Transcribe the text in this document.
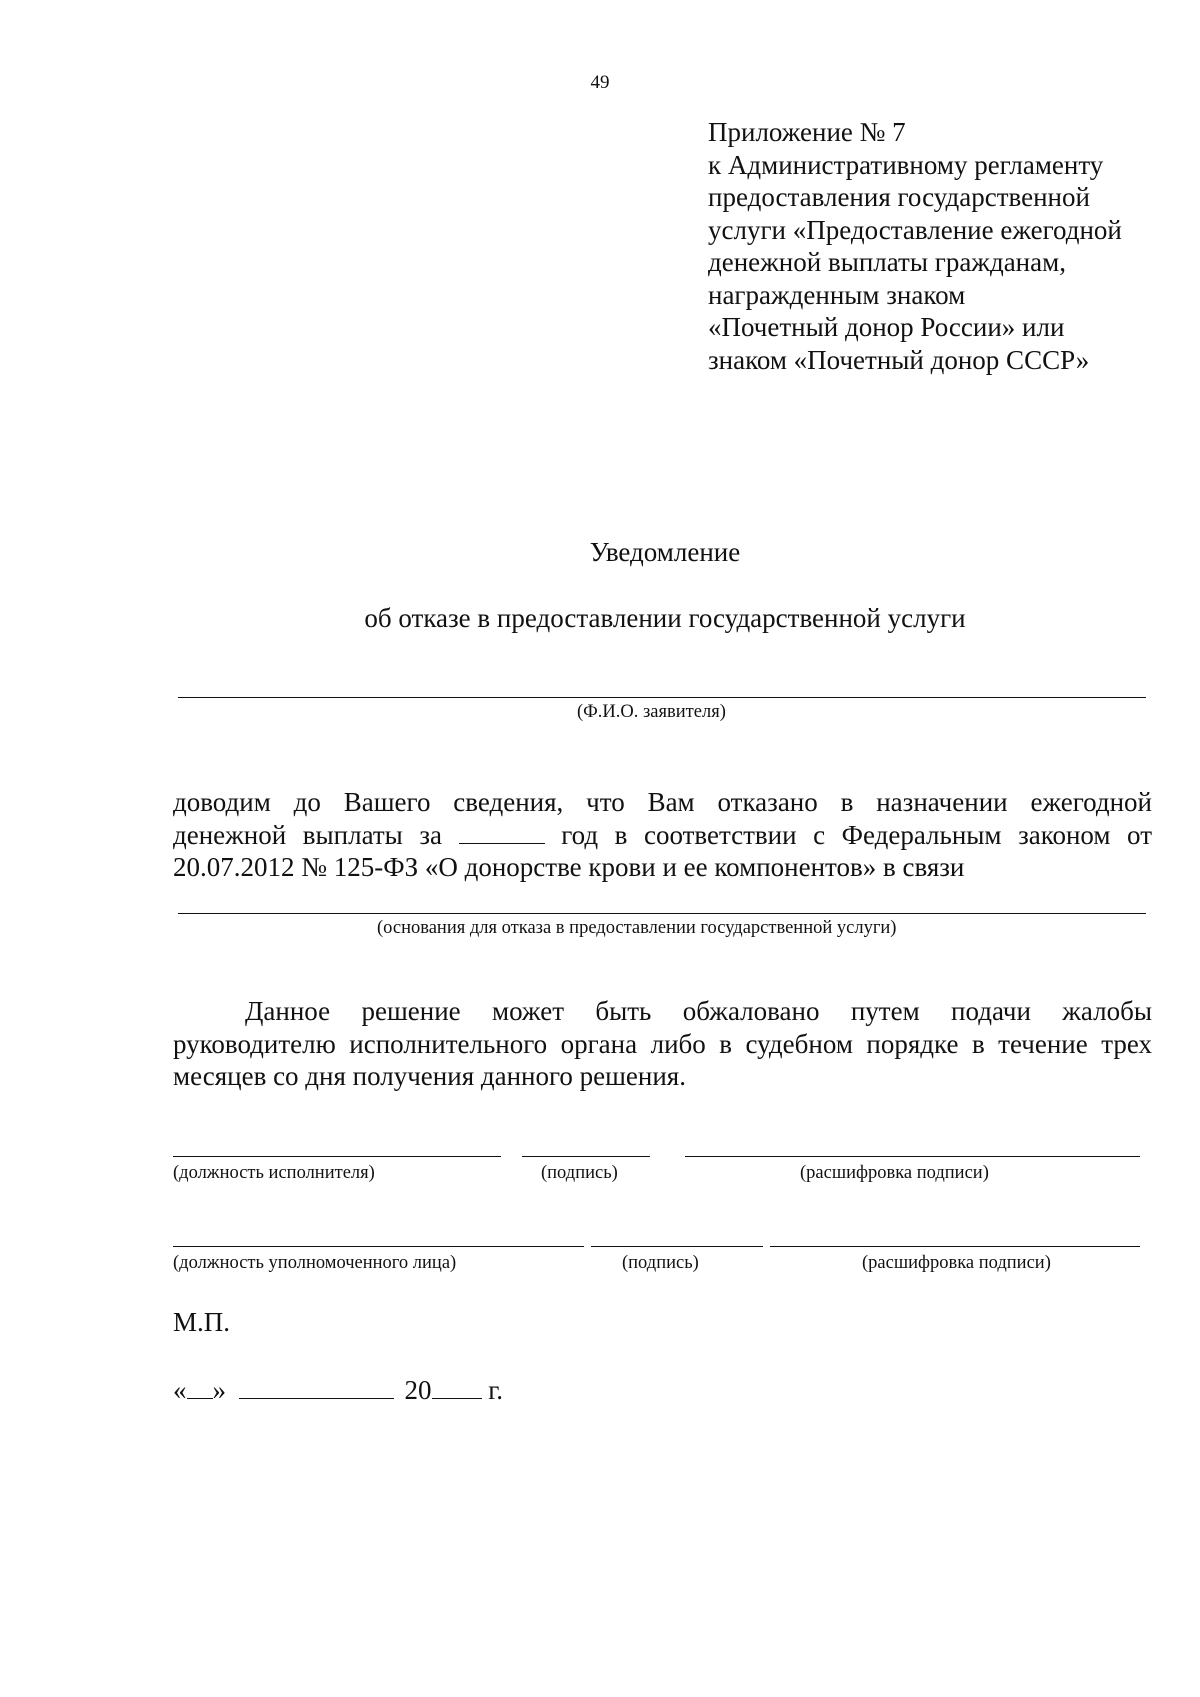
49
Приложение № 7
к Административному регламенту
предоставления государственной
услуги «Предоставление ежегодной
денежной выплаты гражданам,
награжденным знаком
«Почетный донор России» или
знаком «Почетный донор СССР»
Уведомление
об отказе в предоставлении государственной услуги
(Ф.И.О. заявителя)
доводим до Вашего сведения, что Вам отказано в назначении ежегодной
денежной выплаты за	год в соответствии с Федеральным законом от
20.07.2012 № 125-ФЗ «О донорстве крови и ее компонентов» в связи
(основания для отказа в предоставлении государственной услуги)
Данное решение может быть обжаловано путем подачи жалобы
руководителю исполнительного органа либо в судебном порядке в течение трех
месяцев со дня получения данного решения.
(должность исполнителя)	(подпись)	(расшифровка подписи)
(должность уполномоченного лица)	(подпись)	(расшифровка подписи)
М.П.
« »	20 г.
